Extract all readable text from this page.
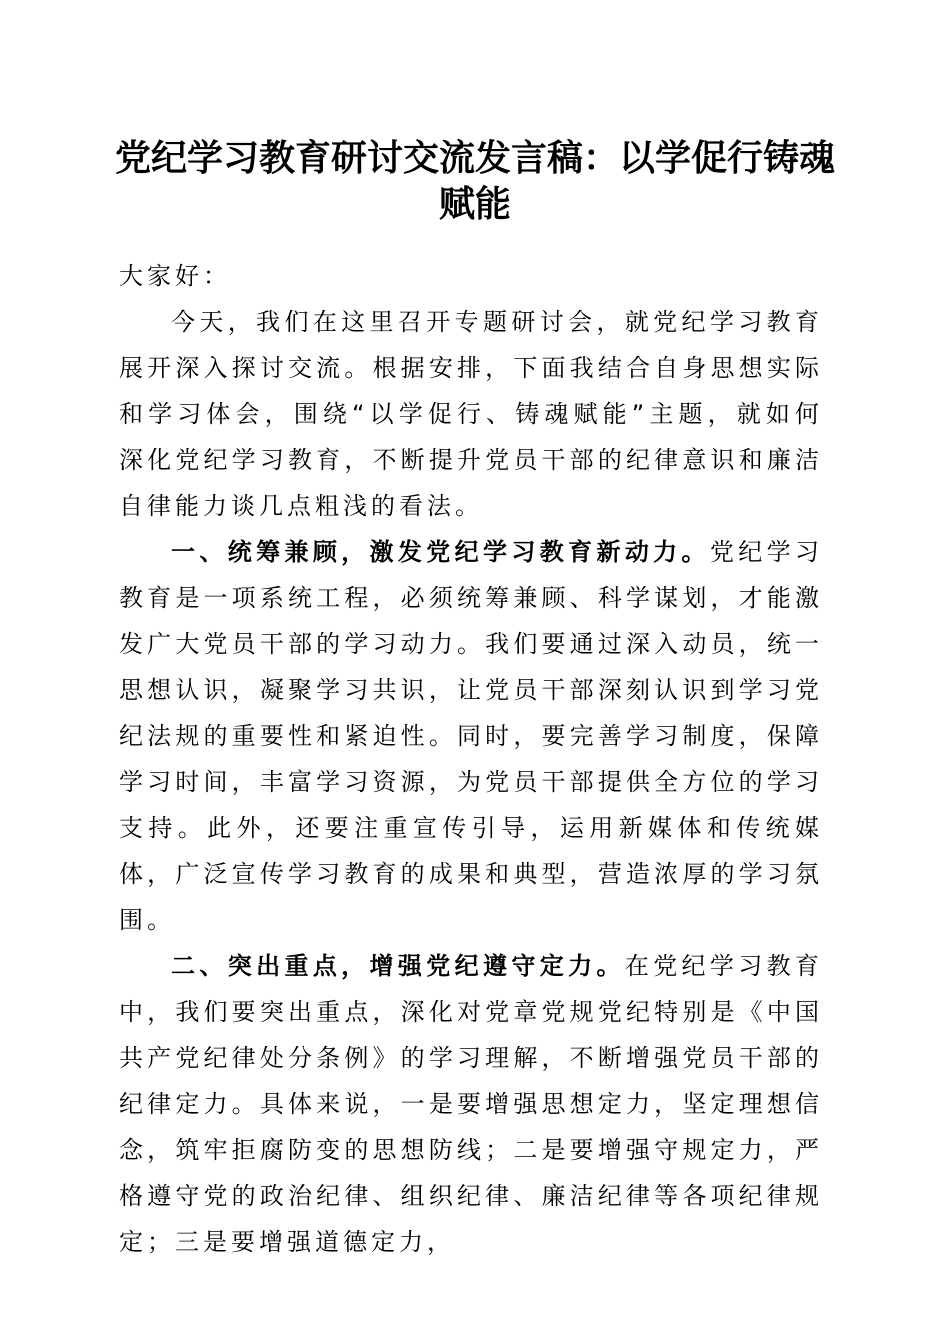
党纪学习教育研讨交流发言稿：以学促行铸魂赋能

大家好：

今天，我们在这里召开专题研讨会，就党纪学习教育展开深入探讨交流。根据安排，下面我结合自身思想实际和学习体会，围绕“以学促行、铸魂赋能”主题，就如何深化党纪学习教育，不断提升党员干部的纪律意识和廉洁自律能力谈几点粗浅的看法。

一、统筹兼顾，激发党纪学习教育新动力。党纪学习教育是一项系统工程，必须统筹兼顾、科学谋划，才能激发广大党员干部的学习动力。我们要通过深入动员，统一思想认识，凝聚学习共识，让党员干部深刻认识到学习党纪法规的重要性和紧迫性。同时，要完善学习制度，保障学习时间，丰富学习资源，为党员干部提供全方位的学习支持。此外，还要注重宣传引导，运用新媒体和传统媒体，广泛宣传学习教育的成果和典型，营造浓厚的学习氛围。

二、突出重点，增强党纪遵守定力。在党纪学习教育中，我们要突出重点，深化对党章党规党纪特别是《中国共产党纪律处分条例》的学习理解，不断增强党员干部的纪律定力。具体来说，一是要增强思想定力，坚定理想信念，筑牢拒腐防变的思想防线；二是要增强守规定力，严格遵守党的政治纪律、组织纪律、廉洁纪律等各项纪律规定；三是要增强道德定力，
